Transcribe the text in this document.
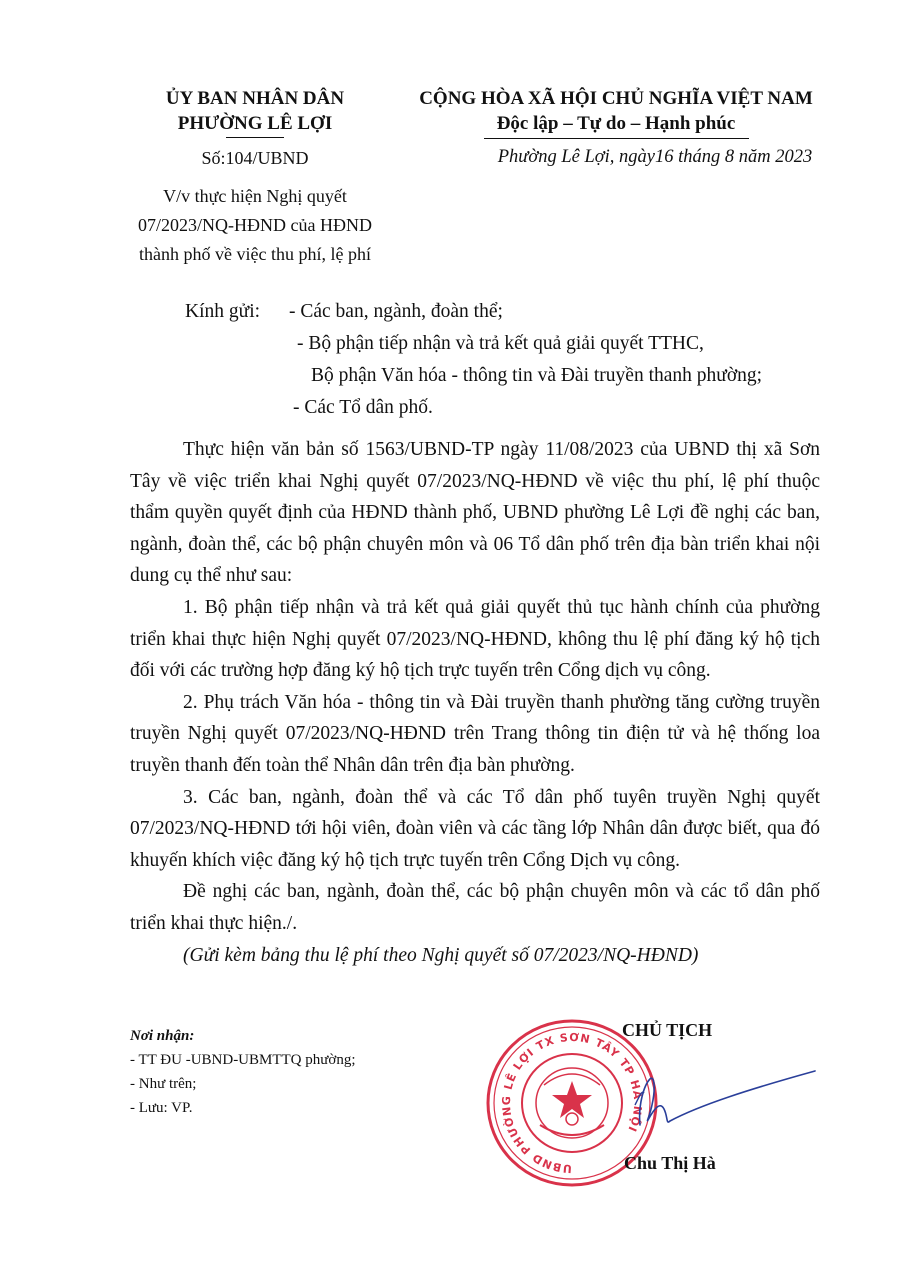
ỦY BAN NHÂN DÂN
PHƯỜNG LÊ LỢI
Số:104/UBND
V/v thực hiện Nghị quyết
07/2023/NQ-HĐND của HĐND
thành phố về việc thu phí, lệ phí
CỘNG HÒA XÃ HỘI CHỦ NGHĨA VIỆT NAM
Độc lập – Tự do – Hạnh phúc
Phường Lê Lợi, ngày16 tháng 8 năm 2023
Kính gửi: - Các ban, ngành, đoàn thể;
- Bộ phận tiếp nhận và trả kết quả giải quyết TTHC,
Bộ phận Văn hóa - thông tin và Đài truyền thanh phường;
- Các Tổ dân phố.

Thực hiện văn bản số 1563/UBND-TP ngày 11/08/2023 của UBND thị xã Sơn Tây về việc triển khai Nghị quyết 07/2023/NQ-HĐND về việc thu phí, lệ phí thuộc thẩm quyền quyết định của HĐND thành phố, UBND phường Lê Lợi đề nghị các ban, ngành, đoàn thể, các bộ phận chuyên môn và 06 Tổ dân phố trên địa bàn triển khai nội dung cụ thể như sau:

1. Bộ phận tiếp nhận và trả kết quả giải quyết thủ tục hành chính của phường triển khai thực hiện Nghị quyết 07/2023/NQ-HĐND, không thu lệ phí đăng ký hộ tịch đối với các trường hợp đăng ký hộ tịch trực tuyến trên Cổng dịch vụ công.

2. Phụ trách Văn hóa - thông tin và Đài truyền thanh phường tăng cường truyền truyền Nghị quyết 07/2023/NQ-HĐND trên Trang thông tin điện tử và hệ thống loa truyền thanh đến toàn thể Nhân dân trên địa bàn phường.

3. Các ban, ngành, đoàn thể và các Tổ dân phố tuyên truyền Nghị quyết 07/2023/NQ-HĐND tới hội viên, đoàn viên và các tầng lớp Nhân dân được biết, qua đó khuyến khích việc đăng ký hộ tịch trực tuyến trên Cổng Dịch vụ công.

Đề nghị các ban, ngành, đoàn thể, các bộ phận chuyên môn và các tổ dân phố triển khai thực hiện./.

(Gửi kèm bảng thu lệ phí theo Nghị quyết số 07/2023/NQ-HĐND)

Nơi nhận:
- TT ĐU -UBND-UBMTTQ phường;
- Như trên;
- Lưu: VP.
UBND PHƯỜNG LÊ LỢI TX SƠN TÂY TP HÀ NỘI
CHỦ TỊCH
Chu Thị Hà
